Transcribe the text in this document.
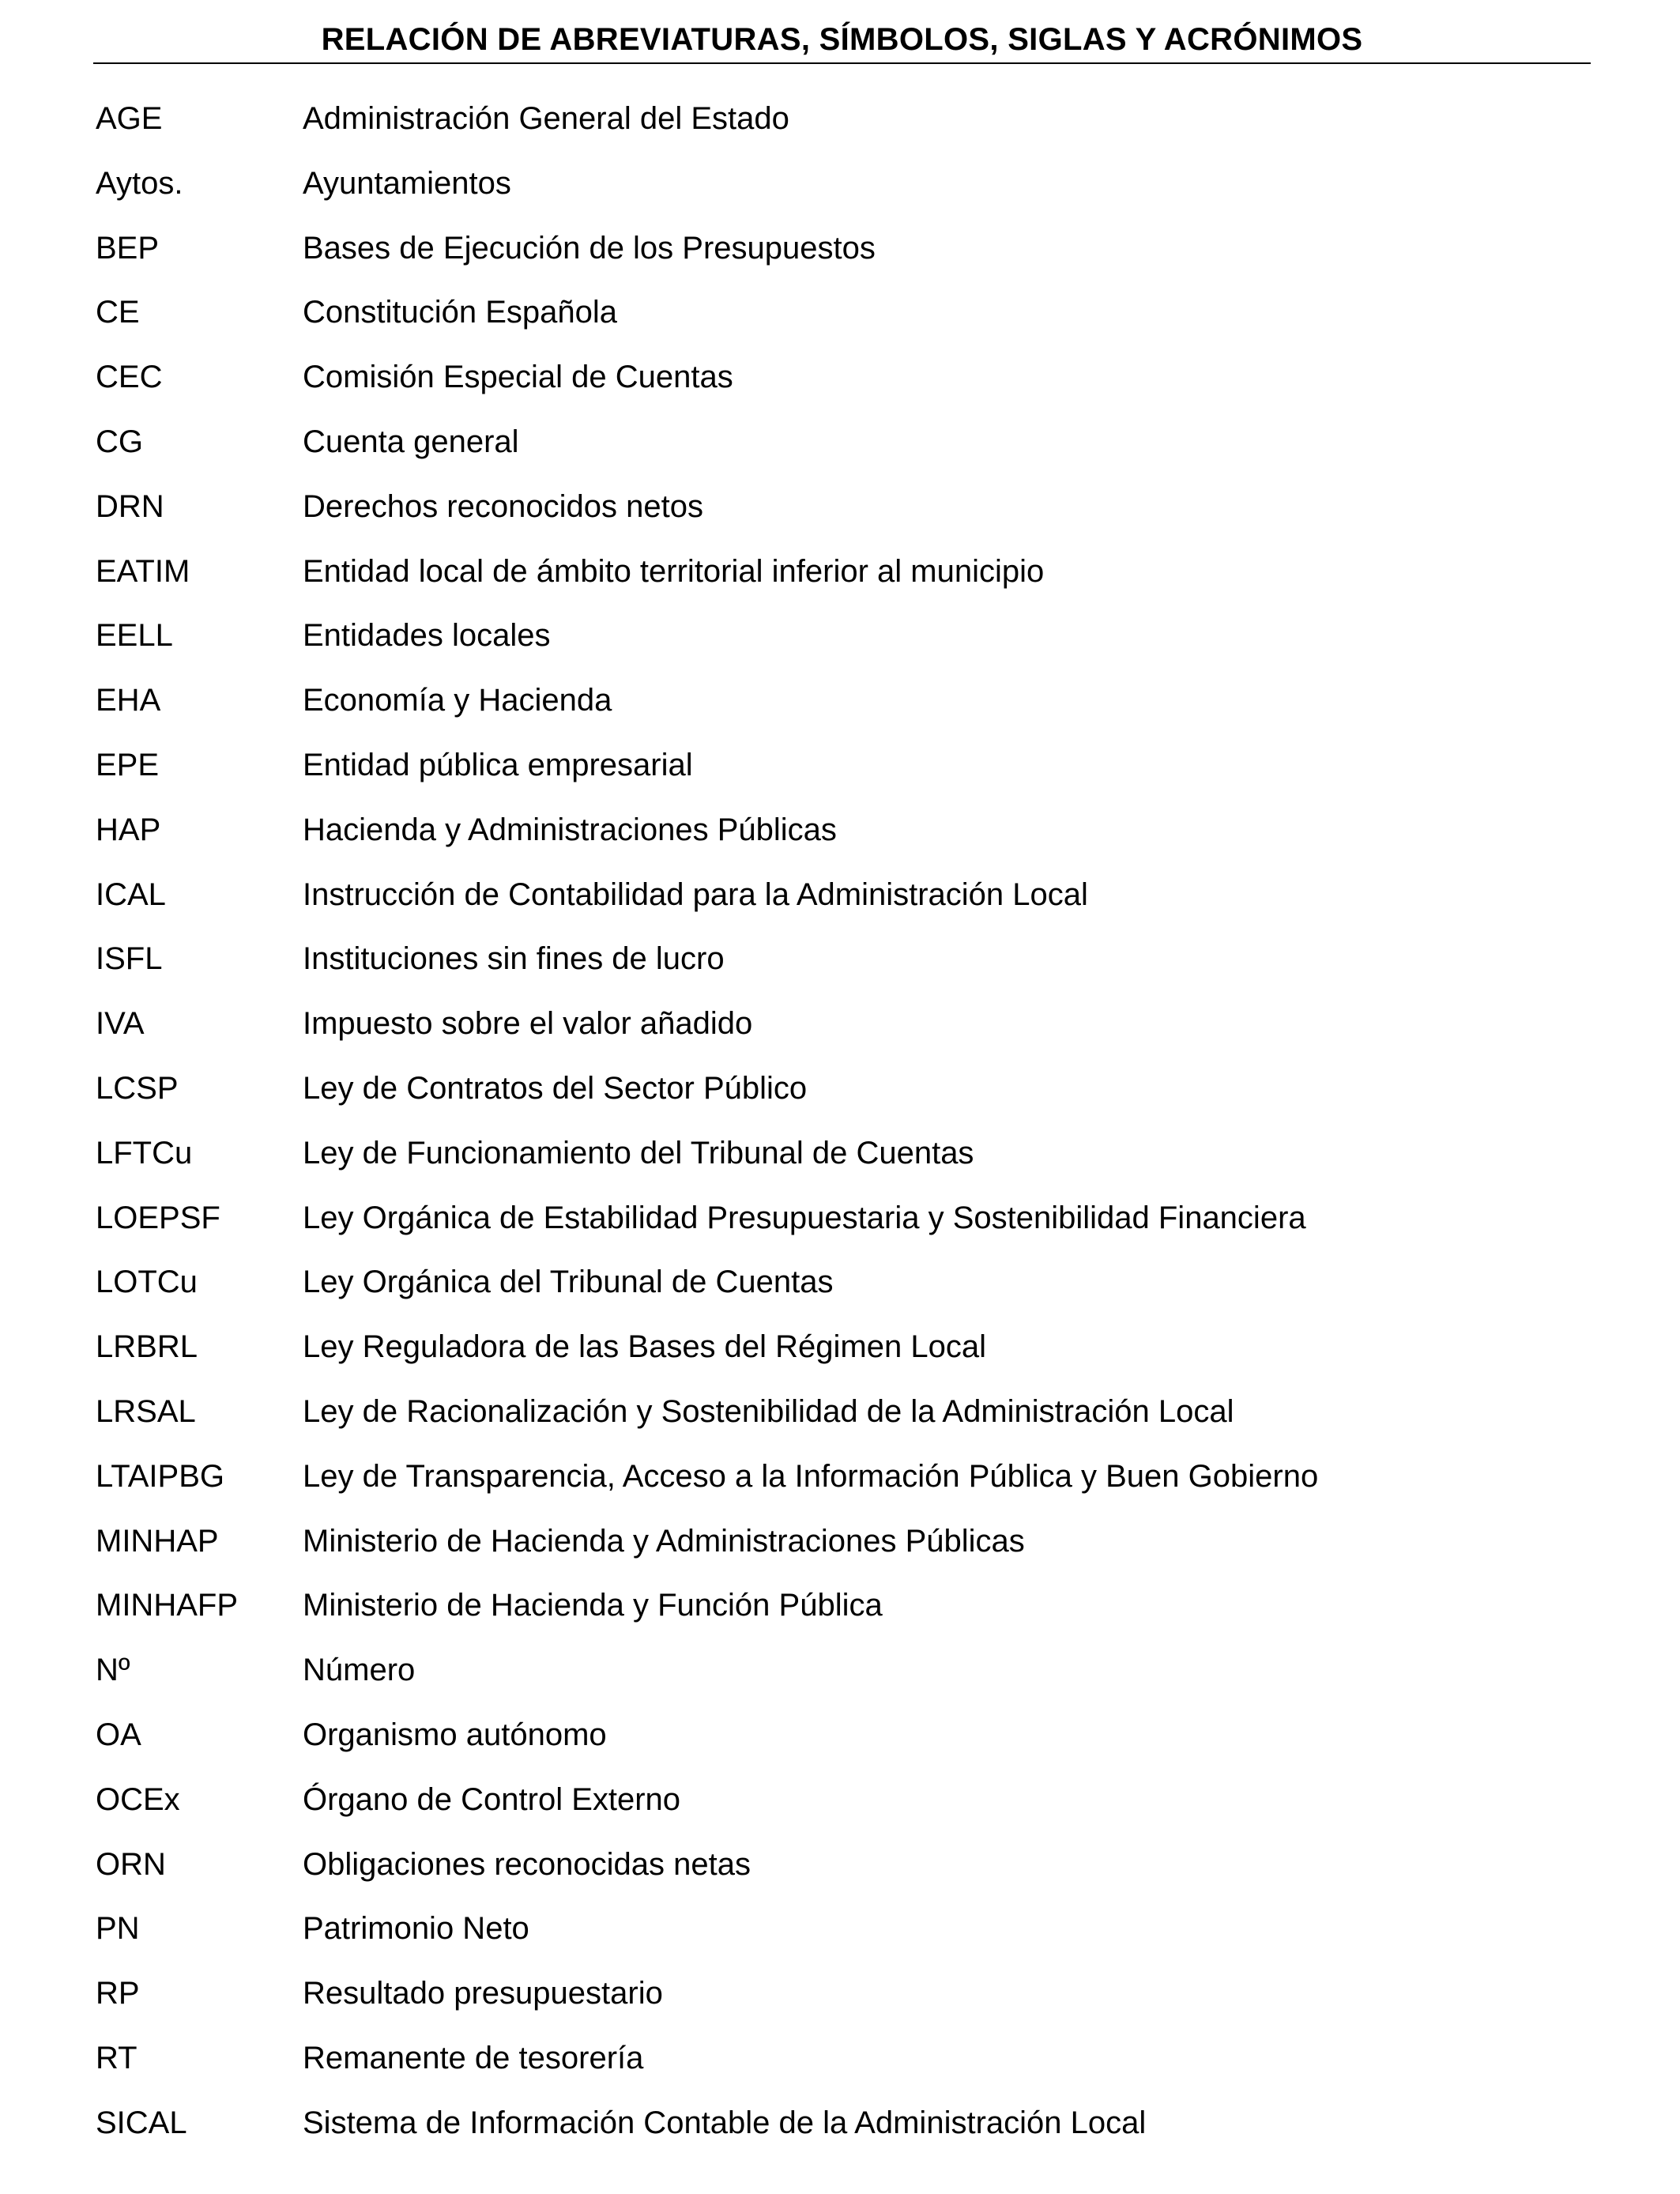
RELACIÓN DE ABREVIATURAS, SÍMBOLOS, SIGLAS Y ACRÓNIMOS
AGE	Administración General del Estado
Aytos.	Ayuntamientos
BEP	Bases de Ejecución de los Presupuestos
CE	Constitución Española
CEC	Comisión Especial de Cuentas
CG	Cuenta general
DRN	Derechos reconocidos netos
EATIM	Entidad local de ámbito territorial inferior al municipio
EELL	Entidades locales
EHA	Economía y Hacienda
EPE	Entidad pública empresarial
HAP	Hacienda y Administraciones Públicas
ICAL	Instrucción de Contabilidad para la Administración Local
ISFL	Instituciones sin fines de lucro
IVA	Impuesto sobre el valor añadido
LCSP	Ley de Contratos del Sector Público
LFTCu	Ley de Funcionamiento del Tribunal de Cuentas
LOEPSF	Ley Orgánica de Estabilidad Presupuestaria y Sostenibilidad Financiera
LOTCu	Ley Orgánica del Tribunal de Cuentas
LRBRL	Ley Reguladora de las Bases del Régimen Local
LRSAL	Ley de Racionalización y Sostenibilidad de la Administración Local
LTAIPBG Ley de Transparencia, Acceso a la Información Pública y Buen Gobierno
MINHAP	Ministerio de Hacienda y Administraciones Públicas
MINHAFP Ministerio de Hacienda y Función Pública
Nº	Número
OA	Organismo autónomo
OCEx	Órgano de Control Externo
ORN	Obligaciones reconocidas netas
PN	Patrimonio Neto
RP	Resultado presupuestario
RT	Remanente de tesorería
SICAL	Sistema de Información Contable de la Administración Local
